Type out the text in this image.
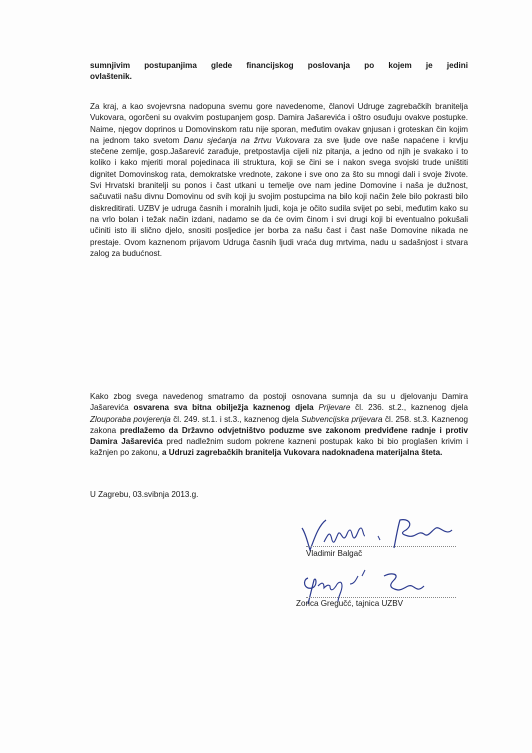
sumnjivim postupanjima glede financijskog poslovanja po kojem je jedini
ovlaštenik.
Za kraj, a kao svojevrsna nadopuna svemu gore navedenome, članovi Udruge zagrebačkih branitelja Vukovara, ogorčeni su ovakvim postupanjem gosp. Damira Jašarevića i oštro osuđuju ovakve postupke. Naime, njegov doprinos u Domovinskom ratu nije sporan, međutim ovakav gnjusan i groteskan čin kojim na jednom tako svetom Danu sjećanja na žrtvu Vukovara za sve ljude ove naše napaćene i krvlju stečene zemlje, gosp.Jašarević zarađuje, pretpostavlja cijeli niz pitanja, a jedno od njih je svakako i to koliko i kako mjeriti moral pojedinaca ili struktura, koji se čini se i nakon svega svojski trude uništiti dignitet Domovinskog rata, demokratske vrednote, zakone i sve ono za što su mnogi dali i svoje živote. Svi Hrvatski branitelji su ponos i čast utkani u temelje ove nam jedine Domovine i naša je dužnost, sačuvatii našu divnu Domovinu od svih koji ju svojim postupcima na bilo koji način žele bilo pokrasti bilo diskreditirati. UZBV je udruga časnih i moralnih ljudi, koja je očito sudila svijet po sebi, međutim kako su na vrlo bolan i težak način izdani, nadamo se da će ovim činom i svi drugi koji bi eventualno pokušali učiniti isto ili slično djelo, snositi posljedice jer borba za našu čast i čast naše Domovine nikada ne prestaje. Ovom kaznenom prijavom Udruga časnih ljudi vraća dug mrtvima, nadu u sadašnjost i stvara zalog za budućnost.
Kako zbog svega navedenog smatramo da postoji osnovana sumnja da su u djelovanju Damira Jašarevića osvarena sva bitna obilježja kaznenog djela Prijevare čl. 236. st.2., kaznenog djela Zlouporaba povjerenja čl. 249. st.1. i st.3., kaznenog djela Subvencijska prijevara čl. 258. st.3. Kaznenog zakona predlažemo da Državno odvjetništvo poduzme sve zakonom predviđene radnje i protiv Damira Jašarevića pred nadležnim sudom pokrene kazneni postupak kako bi bio proglašen krivim i kažnjen po zakonu, a Udruzi zagrebačkih branitelja Vukovara nadoknađena materijalna šteta.
U Zagrebu, 03.svibnja 2013.g.
Vladimir Balgač
Zorica Gregučć, tajnica UZBV
